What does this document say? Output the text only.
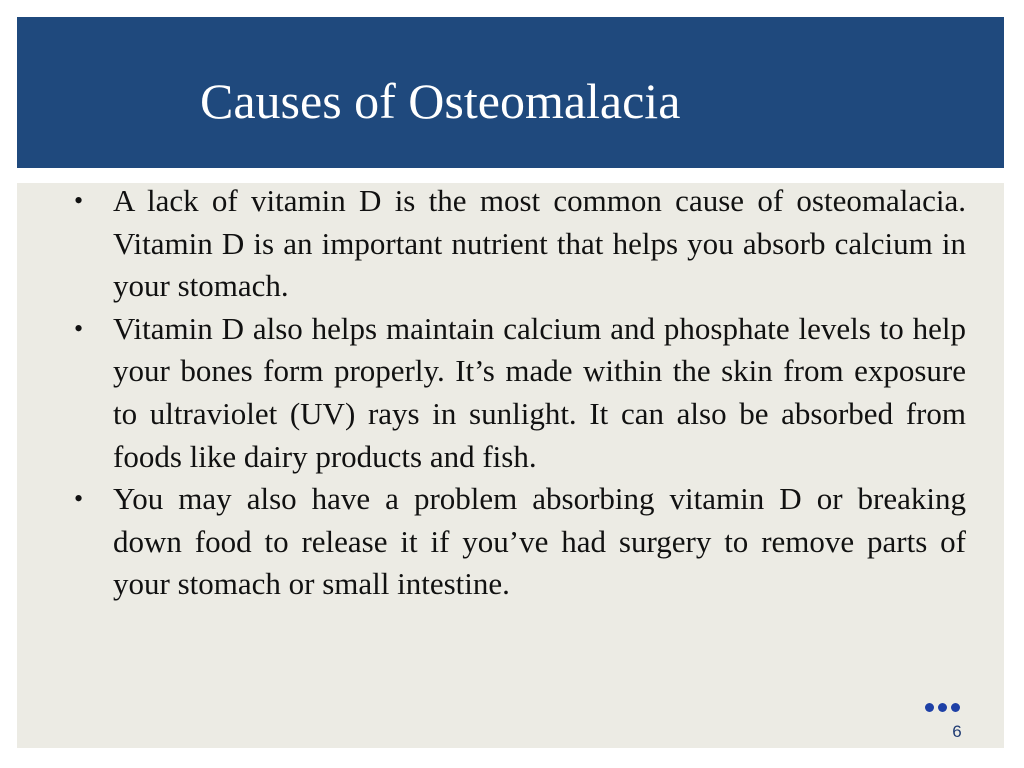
Causes of Osteomalacia
• A lack of vitamin D is the most common cause of osteomalacia. Vitamin D is an important nutrient that helps you absorb calcium in your stomach.
• Vitamin D also helps maintain calcium and phosphate levels to help your bones form properly. It’s made within the skin from exposure to ultraviolet (UV) rays in sunlight. It can also be absorbed from foods like dairy products and fish.
• You may also have a problem absorbing vitamin D or breaking down food to release it if you’ve had surgery to remove parts of your stomach or small intestine.
6
